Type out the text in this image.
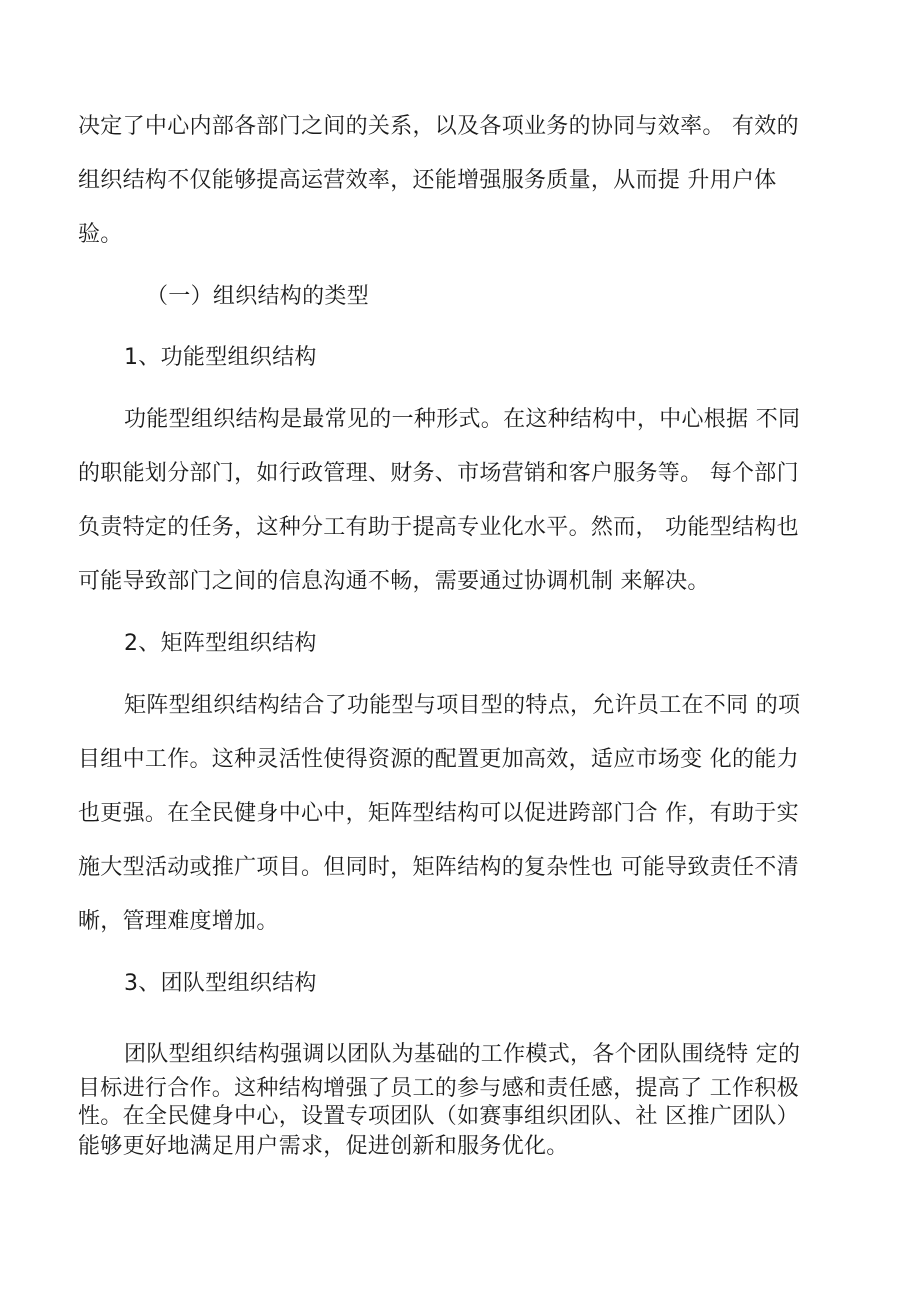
决定了中心内部各部门之间的关系，以及各项业务的协同与效率。 有效的
组织结构不仅能够提高运营效率，还能增强服务质量，从而提 升用户体
验。
（一）组织结构的类型
1、功能型组织结构
功能型组织结构是最常见的一种形式。在这种结构中，中心根据 不同
的职能划分部门，如行政管理、财务、市场营销和客户服务等。 每个部门
负责特定的任务，这种分工有助于提高专业化水平。然而， 功能型结构也
可能导致部门之间的信息沟通不畅，需要通过协调机制 来解决。
2、矩阵型组织结构
矩阵型组织结构结合了功能型与项目型的特点，允许员工在不同 的项
目组中工作。这种灵活性使得资源的配置更加高效，适应市场变 化的能力
也更强。在全民健身中心中，矩阵型结构可以促进跨部门合 作，有助于实
施大型活动或推广项目。但同时，矩阵结构的复杂性也 可能导致责任不清
晰，管理难度增加。
3、团队型组织结构
团队型组织结构强调以团队为基础的工作模式，各个团队围绕特 定的
目标进行合作。这种结构增强了员工的参与感和责任感，提高了 工作积极
性。在全民健身中心，设置专项团队（如赛事组织团队、社 区推广团队）
能够更好地满足用户需求，促进创新和服务优化。
